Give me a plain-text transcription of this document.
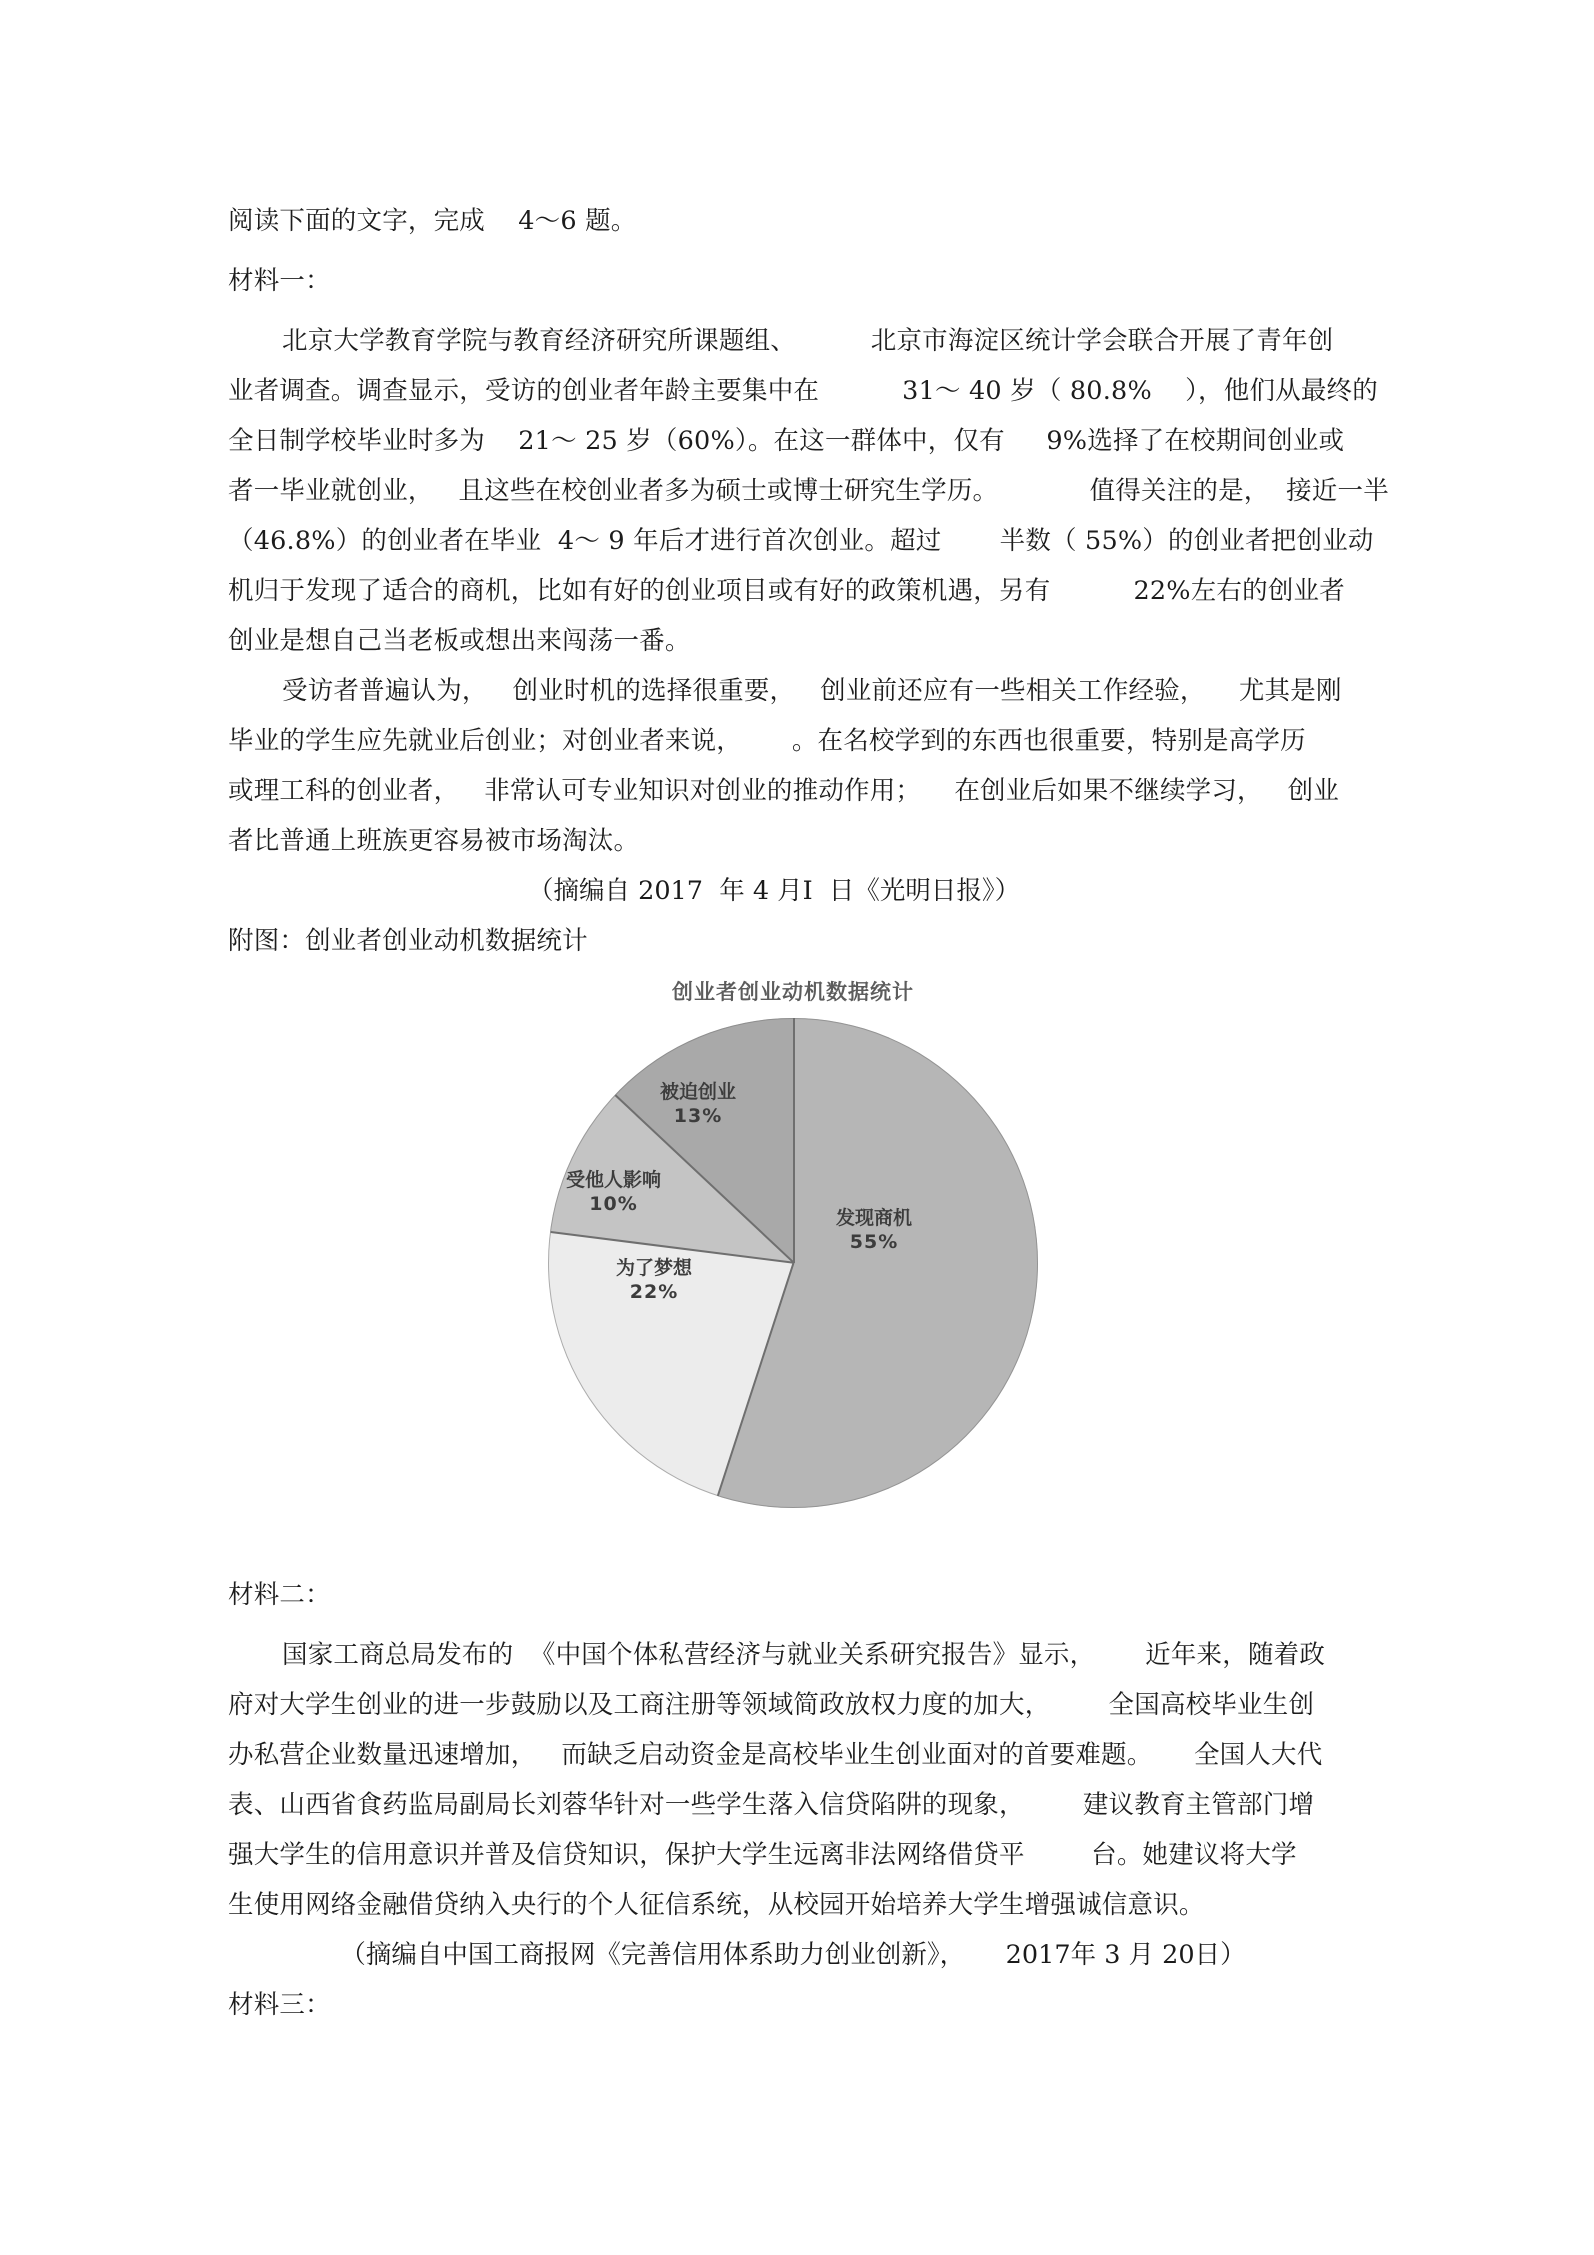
阅读下面的文字，完成    4～6 题。
材料一：
北京大学教育学院与教育经济研究所课题组、         北京市海淀区统计学会联合开展了青年创
业者调查。调查显示，受访的创业者年龄主要集中在          31～ 40 岁（ 80.8%    ），他们从最终的
全日制学校毕业时多为    21～ 25 岁（60%）。在这一群体中，仅有     9%选择了在校期间创业或
者一毕业就创业，   且这些在校创业者多为硕士或博士研究生学历。           值得关注的是，  接近一半
（46.8%）的创业者在毕业  4～ 9 年后才进行首次创业。超过       半数（ 55%）的创业者把创业动
机归于发现了适合的商机，比如有好的创业项目或有好的政策机遇，另有          22%左右的创业者
创业是想自己当老板或想出来闯荡一番。
受访者普遍认为，   创业时机的选择很重要，   创业前还应有一些相关工作经验，    尤其是刚
毕业的学生应先就业后创业；对创业者来说，      。在名校学到的东西也很重要，特别是高学历
或理工科的创业者，   非常认可专业知识对创业的推动作用；    在创业后如果不继续学习，   创业
者比普通上班族更容易被市场淘汰。
（摘编自 2017  年 4 月Ⅰ  日《光明日报》）
附图：创业者创业动机数据统计
创业者创业动机数据统计
发现商机
55%
为了梦想
22%
受他人影响
10%
被迫创业
13%
材料二：
国家工商总局发布的  《中国个体私营经济与就业关系研究报告》显示，      近年来，随着政
府对大学生创业的进一步鼓励以及工商注册等领域简政放权力度的加大，       全国高校毕业生创
办私营企业数量迅速增加，   而缺乏启动资金是高校毕业生创业面对的首要难题。     全国人大代
表、山西省食药监局副局长刘蓉华针对一些学生落入信贷陷阱的现象，       建议教育主管部门增
强大学生的信用意识并普及信贷知识，保护大学生远离非法网络借贷平        台。她建议将大学
生使用网络金融借贷纳入央行的个人征信系统，从校园开始培养大学生增强诚信意识。
（摘编自中国工商报网《完善信用体系助力创业创新》，     2017年 3 月 20日）
材料三：
